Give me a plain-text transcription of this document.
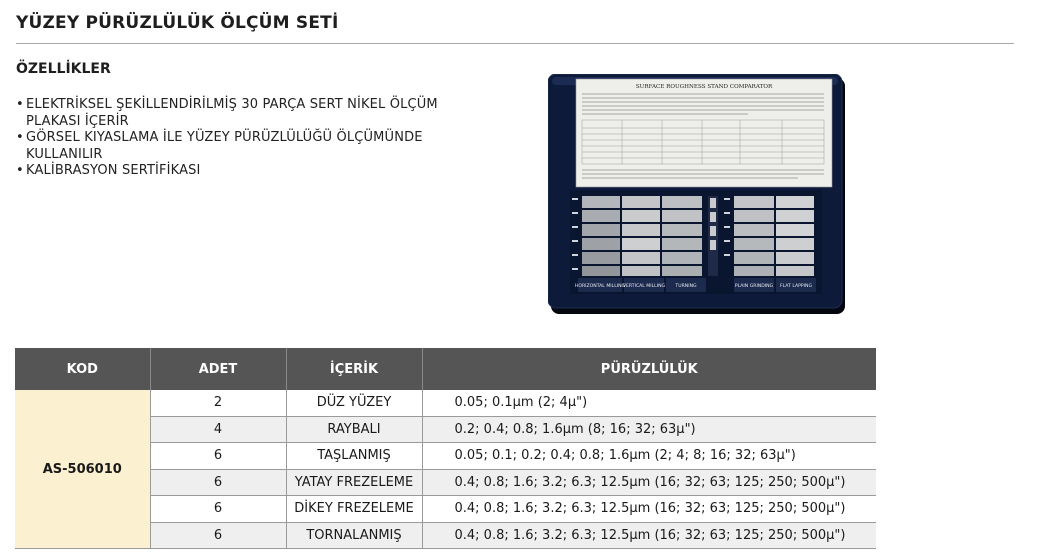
YÜZEY PÜRÜZLÜLÜK ÖLÇÜM SETİ
ÖZELLİKLER
• ELEKTRİKSEL ŞEKİLLENDİRİLMİŞ 30 PARÇA SERT NİKEL ÖLÇÜM PLAKASI İÇERİR
• GÖRSEL KIYASLAMA İLE YÜZEY PÜRÜZLÜLÜĞÜ ÖLÇÜMÜNDE KULLANILIR
• KALİBRASYON SERTİFİKASI
SURFACE ROUGHNESS STAND COMPARATOR
HORIZONTAL MILLING
VERTICAL MILLING TURNING	PLAIN GRINDING FLAT LAPPING
KOD	ADET	İÇERİK	PÜRÜZLÜLÜK
AS-506010	2	DÜZ YÜZEY	0.05; 0.1µm (2; 4µ")
	4	RAYBALI	0.2; 0.4; 0.8; 1.6µm (8; 16; 32; 63µ")
	6	TAŞLANMIŞ	0.05; 0.1; 0.2; 0.4; 0.8; 1.6µm (2; 4; 8; 16; 32; 63µ")
	6	YATAY FREZELEME	0.4; 0.8; 1.6; 3.2; 6.3; 12.5µm (16; 32; 63; 125; 250; 500µ")
	6	DİKEY FREZELEME	0.4; 0.8; 1.6; 3.2; 6.3; 12.5µm (16; 32; 63; 125; 250; 500µ")
	6	TORNALANMIŞ	0.4; 0.8; 1.6; 3.2; 6.3; 12.5µm (16; 32; 63; 125; 250; 500µ")
